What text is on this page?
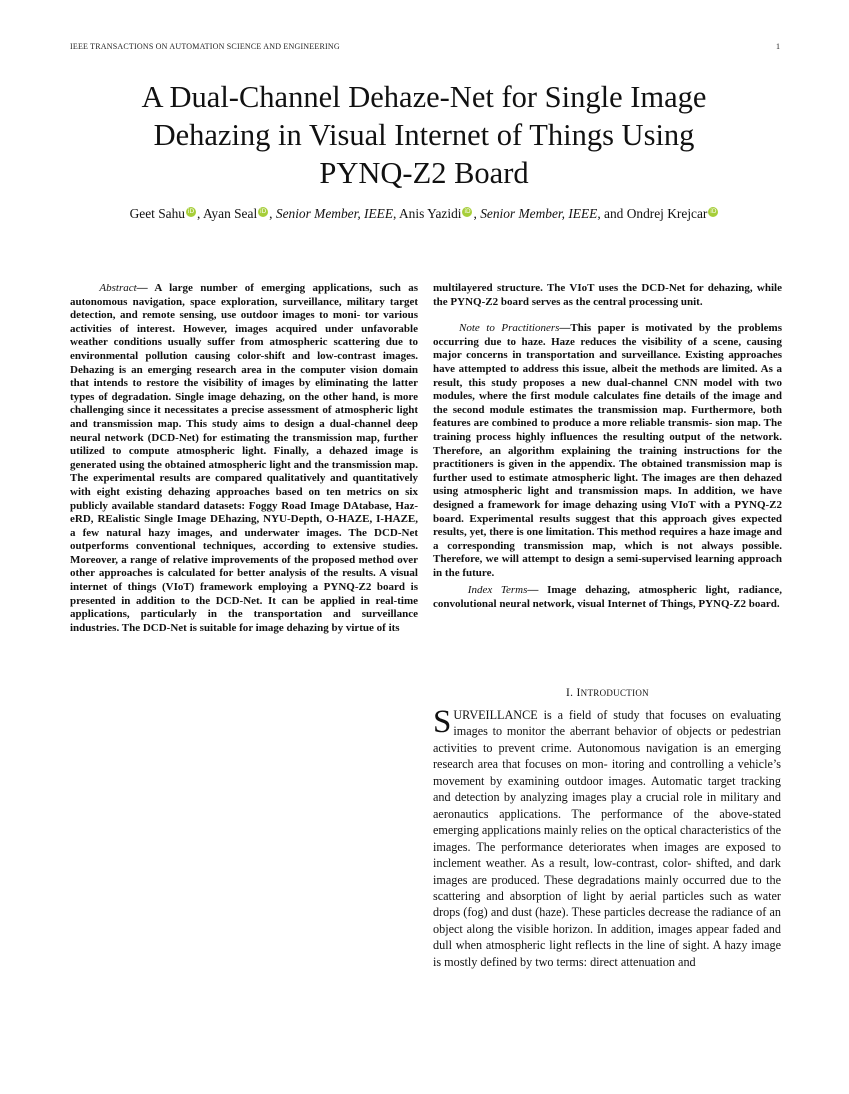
IEEE TRANSACTIONS ON AUTOMATION SCIENCE AND ENGINEERING	1
A Dual-Channel Dehaze-Net for Single Image
Dehazing in Visual Internet of Things Using
PYNQ-Z2 Board
Geet Sahu iD , Ayan Seal iD , Senior Member, IEEE, Anis Yazidi iD , Senior Member, IEEE, and Ondrej Krejcar iD
Abstract— A large number of emerging applications, such as autonomous navigation, space exploration, surveillance, military target detection, and remote sensing, use outdoor images to moni- tor various activities of interest. However, images acquired under unfavorable weather conditions usually suffer from atmospheric scattering due to environmental pollution causing color-shift and low-contrast images. Dehazing is an emerging research area in the computer vision domain that intends to restore the visibility of images by eliminating the latter types of degradation. Single image dehazing, on the other hand, is more challenging since it necessitates a precise assessment of atmospheric light and transmission map. This study aims to design a dual-channel deep neural network (DCD-Net) for estimating the transmission map, further utilized to compute atmospheric light. Finally, a dehazed image is generated using the obtained atmospheric light and the transmission map. The experimental results are compared qualitatively and quantitatively with eight existing dehazing approaches based on ten metrics on six publicly available standard datasets: Foggy Road Image DAtabase, Haz- eRD, REalistic Single Image DEhazing, NYU-Depth, O-HAZE, I-HAZE, a few natural hazy images, and underwater images. The DCD-Net outperforms conventional techniques, according to extensive studies. Moreover, a range of relative improvements of the proposed method over other approaches is calculated for better analysis of the results. A visual internet of things (VIoT) framework employing a PYNQ-Z2 board is presented in addition to the DCD-Net. It can be applied in real-time applications, particularly in the transportation and surveillance industries. The DCD-Net is suitable for image dehazing by virtue of its

multilayered structure. The VIoT uses the DCD-Net for dehazing, while the PYNQ-Z2 board serves as the central processing unit.

Note to Practitioners—This paper is motivated by the problems occurring due to haze. Haze reduces the visibility of a scene, causing major concerns in transportation and surveillance. Existing approaches have attempted to address this issue, albeit the methods are limited. As a result, this study proposes a new dual-channel CNN model with two modules, where the first module calculates fine details of the image and the second module estimates the transmission map. Furthermore, both features are combined to produce a more reliable transmis- sion map. The training process highly influences the resulting output of the network. Therefore, an algorithm explaining the training instructions for the practitioners is given in the appendix. The obtained transmission map is further used to estimate atmospheric light. The images are then dehazed using atmospheric light and transmission maps. In addition, we have designed a framework for image dehazing using VIoT with a PYNQ-Z2 board. Experimental results suggest that this approach gives expected results, yet, there is one limitation. This method requires a haze image and a corresponding transmission map, which is not always possible. Therefore, we will attempt to design a semi-supervised learning approach in the future.

Index Terms— Image dehazing, atmospheric light, radiance, convolutional neural network, visual Internet of Things, PYNQ-Z2 board.

I. INTRODUCTION
SURVEILLANCE is a field of study that focuses on evaluating images to monitor the aberrant behavior of objects or pedestrian activities to prevent crime. Autonomous navigation is an emerging research area that focuses on mon- itoring and controlling a vehicle’s movement by examining outdoor images. Automatic target tracking and detection by analyzing images play a crucial role in military and aeronautics applications. The performance of the above-stated emerging applications mainly relies on the optical characteristics of the images. The performance deteriorates when images are exposed to inclement weather. As a result, low-contrast, color- shifted, and dark images are produced. These degradations mainly occurred due to the scattering and absorption of light by aerial particles such as water drops (fog) and dust (haze). These particles decrease the radiance of an object along the visible horizon. In addition, images appear faded and dull when atmospheric light reflects in the line of sight. A hazy image is mostly defined by two terms: direct attenuation and
